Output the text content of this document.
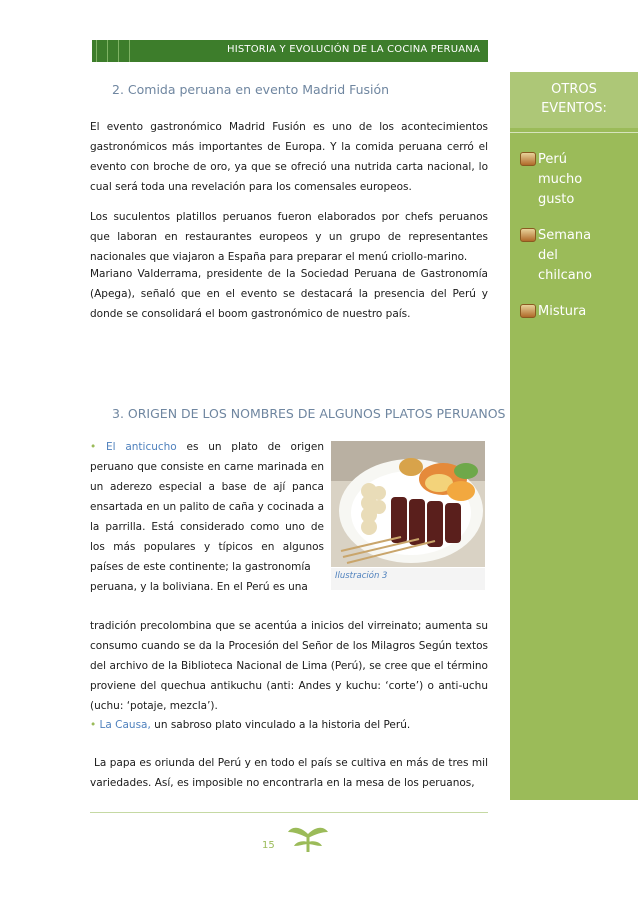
HISTORIA Y EVOLUCIÓN DE LA COCINA PERUANA
OTROS
EVENTOS:
Perú
mucho
gusto
Semana
del
chilcano
Mistura
2. Comida peruana en evento Madrid Fusión
El evento gastronómico Madrid Fusión es uno de los acontecimientos gastronómicos más importantes de Europa. Y la comida peruana cerró el evento con broche de oro, ya que se ofreció una nutrida carta nacional, lo cual será toda una revelación para los comensales europeos.
Los suculentos platillos peruanos fueron elaborados por chefs peruanos que laboran en restaurantes europeos y un grupo de representantes nacionales que viajaron a España para preparar el menú criollo-marino.
Mariano Valderrama, presidente de la Sociedad Peruana de Gastronomía (Apega), señaló que en el evento se destacará la presencia del Perú y donde se consolidará el boom gastronómico de nuestro país.
3. ORIGEN DE LOS NOMBRES DE ALGUNOS PLATOS PERUANOS
• El anticucho es un plato de origen peruano que consiste en carne marinada en un aderezo especial a base de ají panca ensartada en un palito de caña y cocinada a la parrilla. Está considerado como uno de los más populares y típicos en algunos países de este continente; la gastronomía
Ilustración 3
peruana, y la boliviana. En el Perú es una
tradición precolombina que se acentúa a inicios del virreinato; aumenta su consumo cuando se da la Procesión del Señor de los Milagros Según textos del archivo de la Biblioteca Nacional de Lima (Perú), se cree que el término proviene del quechua antikuchu (anti: Andes y kuchu: ‘corte’) o anti-uchu (uchu: ‘potaje, mezcla’).
• La Causa, un sabroso plato vinculado a la historia del Perú.
La papa es oriunda del Perú y en todo el país se cultiva en más de tres mil variedades. Así, es imposible no encontrarla en la mesa de los peruanos,
15
